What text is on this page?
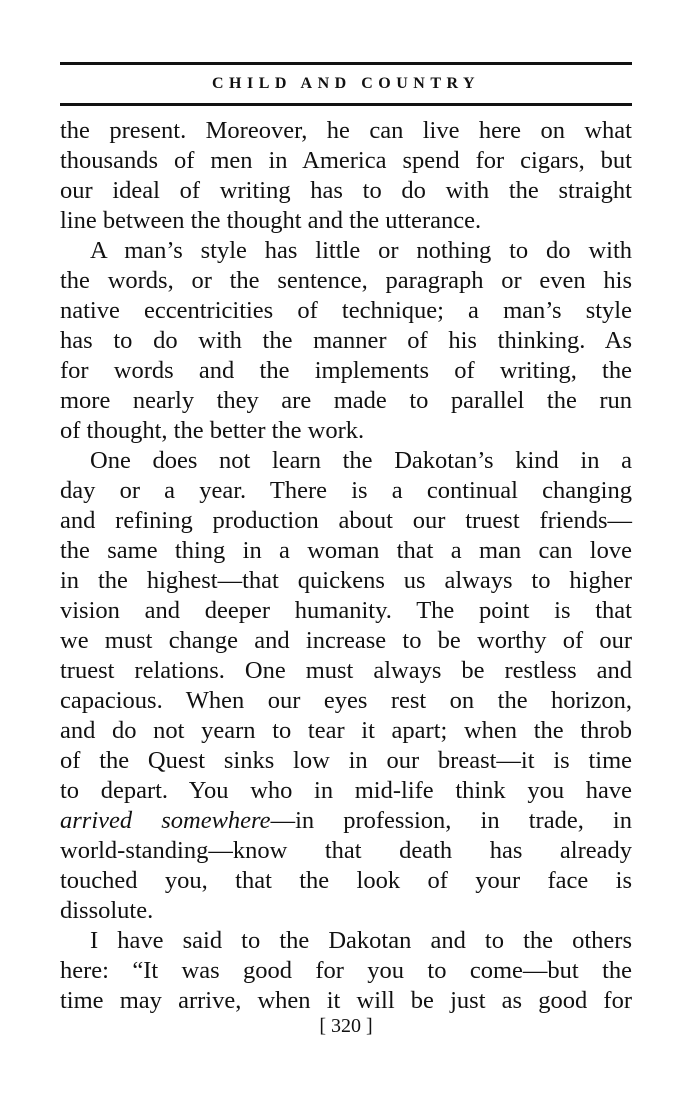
CHILD AND COUNTRY
the present. Moreover, he can live here on what
thousands of men in America spend for cigars, but
our ideal of writing has to do with the straight
line between the thought and the utterance.
A man’s style has little or nothing to do with
the words, or the sentence, paragraph or even his
native eccentricities of technique; a man’s style
has to do with the manner of his thinking. As
for words and the implements of writing, the
more nearly they are made to parallel the run
of thought, the better the work.
One does not learn the Dakotan’s kind in a
day or a year. There is a continual changing
and refining production about our truest friends—
the same thing in a woman that a man can love
in the highest—that quickens us always to higher
vision and deeper humanity. The point is that
we must change and increase to be worthy of our
truest relations. One must always be restless and
capacious. When our eyes rest on the horizon,
and do not yearn to tear it apart; when the throb
of the Quest sinks low in our breast—it is time
to depart. You who in mid-life think you have
arrived somewhere—in profession, in trade, in
world-standing—know that death has already
touched you, that the look of your face is
dissolute.
I have said to the Dakotan and to the others
here: “It was good for you to come—but the
time may arrive, when it will be just as good for
[ 320 ]
